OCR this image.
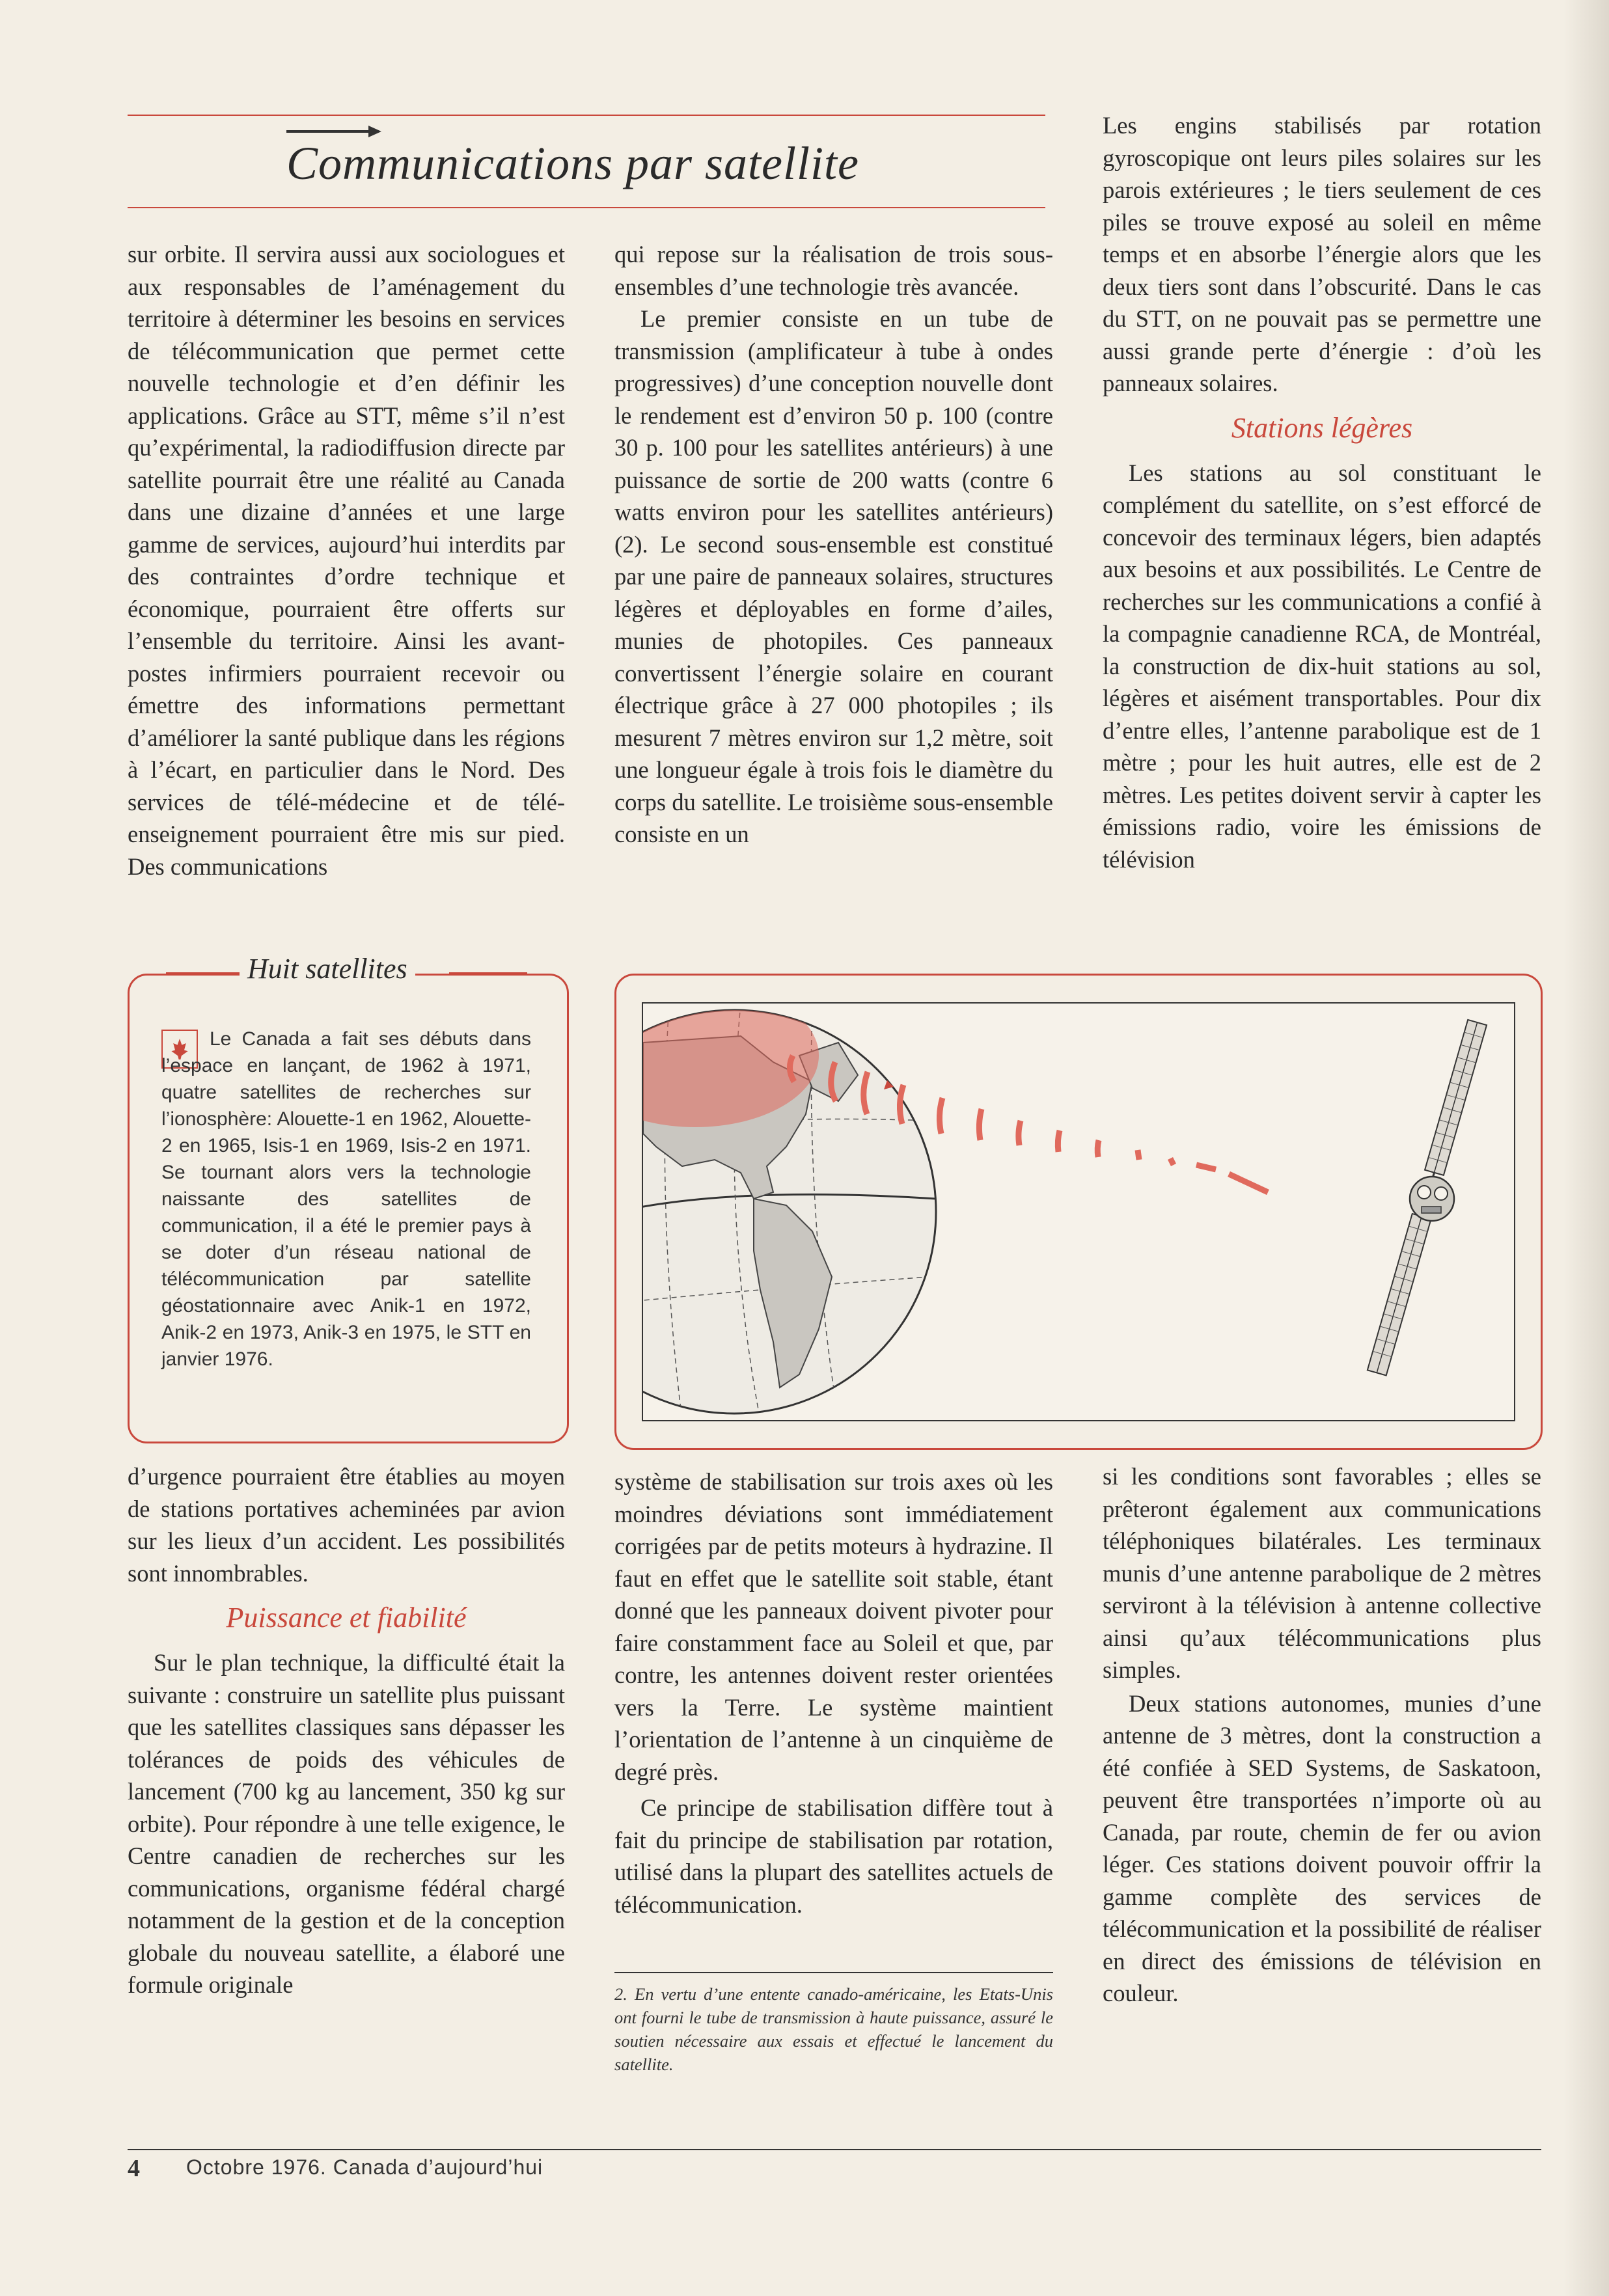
Communications par satellite

sur orbite. Il servira aussi aux sociologues et aux responsables de l’aménagement du territoire à déterminer les besoins en services de télécommunication que permet cette nouvelle technologie et d’en définir les applications. Grâce au STT, même s’il n’est qu’expérimental, la radiodiffusion directe par satellite pourrait être une réalité au Canada dans une dizaine d’années et une large gamme de services, aujourd’hui interdits par des contraintes d’ordre technique et économique, pourraient être offerts sur l’ensemble du territoire. Ainsi les avant-postes infirmiers pourraient recevoir ou émettre des informations permettant d’améliorer la santé publique dans les régions à l’écart, en particulier dans le Nord. Des services de télé-médecine et de télé-enseignement pourraient être mis sur pied. Des communications

qui repose sur la réalisation de trois sous-ensembles d’une technologie très avancée.

Le premier consiste en un tube de transmission (amplificateur à tube à ondes progressives) d’une conception nouvelle dont le rendement est d’environ 50 p. 100 (contre 30 p. 100 pour les satellites antérieurs) à une puissance de sortie de 200 watts (contre 6 watts environ pour les satellites antérieurs) (2). Le second sous-ensemble est constitué par une paire de panneaux solaires, structures légères et déployables en forme d’ailes, munies de photopiles. Ces panneaux convertissent l’énergie solaire en courant électrique grâce à 27 000 photopiles ; ils mesurent 7 mètres environ sur 1,2 mètre, soit une longueur égale à trois fois le diamètre du corps du satellite. Le troisième sous-ensemble consiste en un

Les engins stabilisés par rotation gyroscopique ont leurs piles solaires sur les parois extérieures ; le tiers seulement de ces piles se trouve exposé au soleil en même temps et en absorbe l’énergie alors que les deux tiers sont dans l’obscurité. Dans le cas du STT, on ne pouvait pas se permettre une aussi grande perte d’énergie : d’où les panneaux solaires.

Stations légères

Les stations au sol constituant le complément du satellite, on s’est efforcé de concevoir des terminaux légers, bien adaptés aux besoins et aux possibilités. Le Centre de recherches sur les communications a confié à la compagnie canadienne RCA, de Montréal, la construction de dix-huit stations au sol, légères et aisément transportables. Pour dix d’entre elles, l’antenne parabolique est de 1 mètre ; pour les huit autres, elle est de 2 mètres. Les petites doivent servir à capter les émissions radio, voire les émissions de télévision

Huit satellites
Le Canada a fait ses débuts dans l’espace en lançant, de 1962 à 1971, quatre satellites de recherches sur l’ionosphère: Alouette-1 en 1962, Alouette-2 en 1965, Isis-1 en 1969, Isis-2 en 1971. Se tournant alors vers la technologie naissante des satellites de communication, il a été le premier pays à se doter d’un réseau national de télécommunication par satellite géostationnaire avec Anik-1 en 1972, Anik-2 en 1973, Anik-3 en 1975, le STT en janvier 1976.

d’urgence pourraient être établies au moyen de stations portatives acheminées par avion sur les lieux d’un accident. Les possibilités sont innombrables.

Puissance et fiabilité

Sur le plan technique, la difficulté était la suivante : construire un satellite plus puissant que les satellites classiques sans dépasser les tolérances de poids des véhicules de lancement (700 kg au lancement, 350 kg sur orbite). Pour répondre à une telle exigence, le Centre canadien de recherches sur les communications, organisme fédéral chargé notamment de la gestion et de la conception globale du nouveau satellite, a élaboré une formule originale

système de stabilisation sur trois axes où les moindres déviations sont immédiatement corrigées par de petits moteurs à hydrazine. Il faut en effet que le satellite soit stable, étant donné que les panneaux doivent pivoter pour faire constamment face au Soleil et que, par contre, les antennes doivent rester orientées vers la Terre. Le système maintient l’orientation de l’antenne à un cinquième de degré près.

Ce principe de stabilisation diffère tout à fait du principe de stabilisation par rotation, utilisé dans la plupart des satellites actuels de télécommunication.

2. En vertu d’une entente canado-américaine, les Etats-Unis ont fourni le tube de transmission à haute puissance, assuré le soutien nécessaire aux essais et effectué le lancement du satellite.

si les conditions sont favorables ; elles se prêteront également aux communications téléphoniques bilatérales. Les terminaux munis d’une antenne parabolique de 2 mètres serviront à la télévision à antenne collective ainsi qu’aux télécommunications plus simples.

Deux stations autonomes, munies d’une antenne de 3 mètres, dont la construction a été confiée à SED Systems, de Saskatoon, peuvent être transportées n’importe où au Canada, par route, chemin de fer ou avion léger. Ces stations doivent pouvoir offrir la gamme complète des services de télécommunication et la possibilité de réaliser en direct des émissions de télévision en couleur.

4 Octobre 1976. Canada d’aujourd’hui
